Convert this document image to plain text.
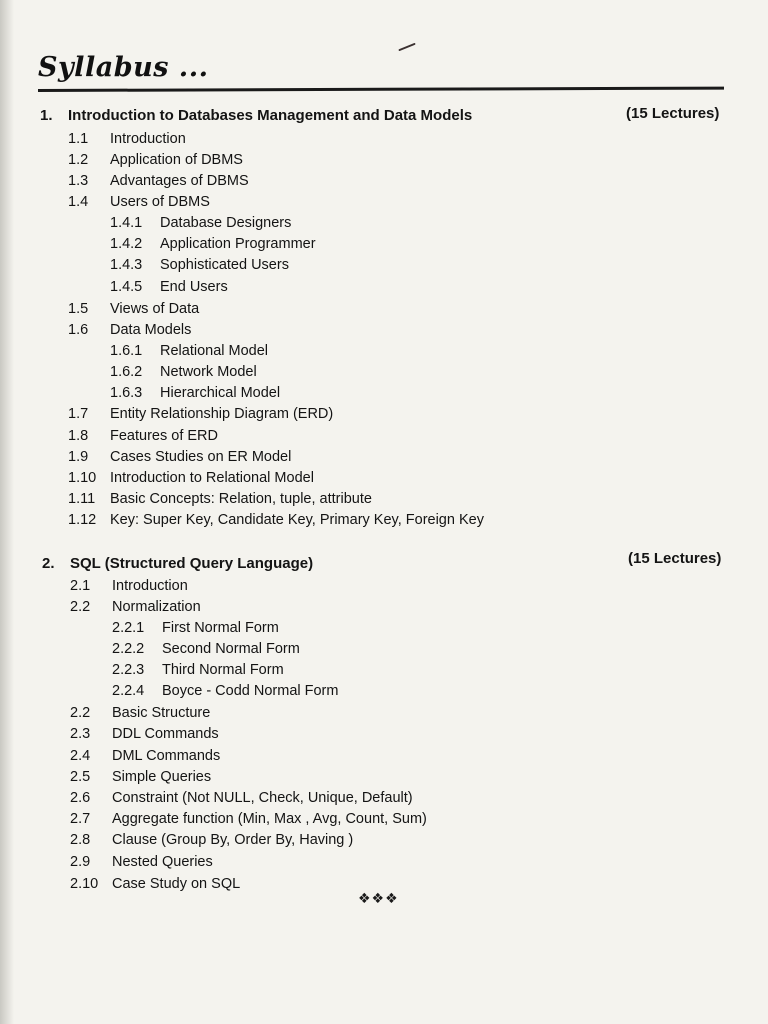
Syllabus ...
1. Introduction to Databases Management and Data Models	(15 Lectures)
1.1 Introduction
1.2 Application of DBMS
1.3 Advantages of DBMS
1.4 Users of DBMS
1.4.1 Database Designers
1.4.2 Application Programmer
1.4.3 Sophisticated Users
1.4.5 End Users
1.5 Views of Data
1.6 Data Models
1.6.1 Relational Model
1.6.2 Network Model
1.6.3 Hierarchical Model
1.7 Entity Relationship Diagram (ERD)
1.8 Features of ERD
1.9 Cases Studies on ER Model
1.10 Introduction to Relational Model
1.11 Basic Concepts: Relation, tuple, attribute
1.12 Key: Super Key, Candidate Key, Primary Key, Foreign Key
2. SQL (Structured Query Language)	(15 Lectures)
2.1 Introduction
2.2 Normalization
2.2.1 First Normal Form
2.2.2 Second Normal Form
2.2.3 Third Normal Form
2.2.4 Boyce - Codd Normal Form
2.2 Basic Structure
2.3 DDL Commands
2.4 DML Commands
2.5 Simple Queries
2.6 Constraint (Not NULL, Check, Unique, Default)
2.7 Aggregate function (Min, Max , Avg, Count, Sum)
2.8 Clause (Group By, Order By, Having )
2.9 Nested Queries
2.10 Case Study on SQL
❖❖❖
